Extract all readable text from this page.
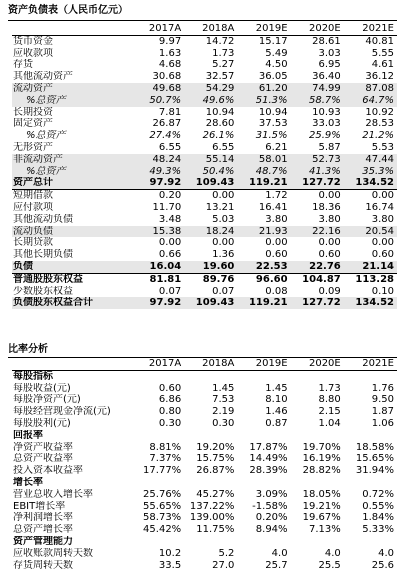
资产负债表（人民币亿元）
	2017A	2018A	2019E	2020E	2021E
货币资金	9.97	14.72	15.17	28.61	40.81
应收款项	1.63	1.73	5.49	3.03	5.55
存货	4.68	5.27	4.50	6.95	4.61
其他流动资产	30.68	32.57	36.05	36.40	36.12
流动资产	49.68	54.29	61.20	74.99	87.08
%总资产	50.7%	49.6%	51.3%	58.7%	64.7%
长期投资	7.81	10.94	10.94	10.93	10.92
固定资产	26.87	28.60	37.53	33.03	28.53
%总资产	27.4%	26.1%	31.5%	25.9%	21.2%
无形资产	6.55	6.55	6.21	5.87	5.53
非流动资产	48.24	55.14	58.01	52.73	47.44
%总资产	49.3%	50.4%	48.7%	41.3%	35.3%
资产总计	97.92	109.43	119.21	127.72	134.52
短期借款	0.20	0.00	1.72	0.00	0.00
应付款项	11.70	13.21	16.41	18.36	16.74
其他流动负债	3.48	5.03	3.80	3.80	3.80
流动负债	15.38	18.24	21.93	22.16	20.54
长期贷款	0.00	0.00	0.00	0.00	0.00
其他长期负债	0.66	1.36	0.60	0.60	0.60
负债	16.04	19.60	22.53	22.76	21.14
普通股股东权益	81.81	89.76	96.60	104.87	113.28
少数股东权益	0.07	0.07	0.08	0.09	0.10
负债股东权益合计	97.92	109.43	119.21	127.72	134.52
比率分析
	2017A	2018A	2019E	2020E	2021E
每股指标					
每股收益(元)	0.60	1.45	1.45	1.73	1.76
每股净资产(元)	6.86	7.53	8.10	8.80	9.50
每股经营现金净流(元)	0.80	2.19	1.46	2.15	1.87
每股股利(元)	0.30	0.30	0.87	1.04	1.06
回报率					
净资产收益率	8.81%	19.20%	17.87%	19.70%	18.58%
总资产收益率	7.37%	15.75%	14.49%	16.19%	15.65%
投入资本收益率	17.77%	26.87%	28.39%	28.82%	31.94%
增长率					
营业总收入增长率	25.76%	45.27%	3.09%	18.05%	0.72%
EBIT增长率	55.65%	137.22%	-1.58%	19.21%	0.55%
净利润增长率	58.73%	139.00%	0.20%	19.67%	1.84%
总资产增长率	45.42%	11.75%	8.94%	7.13%	5.33%
资产管理能力					
应收账款周转天数	10.2	5.2	4.0	4.0	4.0
存货周转天数	33.5	27.0	25.7	25.5	25.6
